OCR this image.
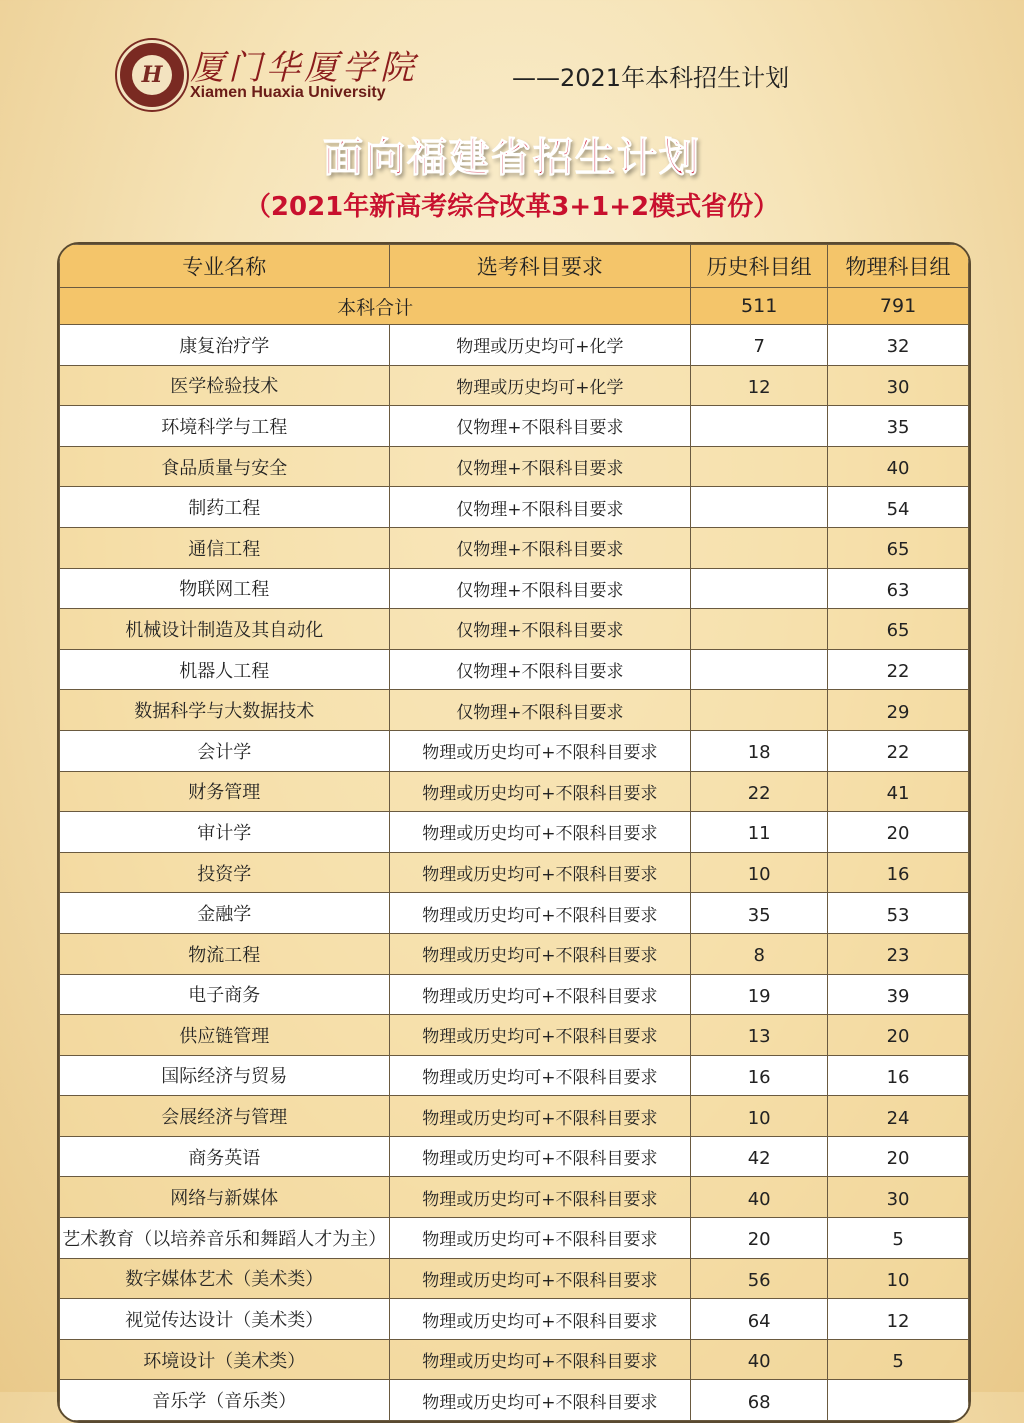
H 厦门华厦学院
Xiamen Huaxia University
——2021年本科招生计划
面向福建省招生计划
（2021年新高考综合改革3+1+2模式省份）
专业名称	选考科目要求	历史科目组	物理科目组
本科合计		511	791
康复治疗学	物理或历史均可+化学	7	32
医学检验技术	物理或历史均可+化学	12	30
环境科学与工程	仅物理+不限科目要求		35
食品质量与安全	仅物理+不限科目要求		40
制药工程	仅物理+不限科目要求		54
通信工程	仅物理+不限科目要求		65
物联网工程	仅物理+不限科目要求		63
机械设计制造及其自动化	仅物理+不限科目要求		65
机器人工程	仅物理+不限科目要求		22
数据科学与大数据技术	仅物理+不限科目要求		29
会计学	物理或历史均可+不限科目要求	18	22
财务管理	物理或历史均可+不限科目要求	22	41
审计学	物理或历史均可+不限科目要求	11	20
投资学	物理或历史均可+不限科目要求	10	16
金融学	物理或历史均可+不限科目要求	35	53
物流工程	物理或历史均可+不限科目要求	8	23
电子商务	物理或历史均可+不限科目要求	19	39
供应链管理	物理或历史均可+不限科目要求	13	20
国际经济与贸易	物理或历史均可+不限科目要求	16	16
会展经济与管理	物理或历史均可+不限科目要求	10	24
商务英语	物理或历史均可+不限科目要求	42	20
网络与新媒体	物理或历史均可+不限科目要求	40	30
艺术教育（以培养音乐和舞蹈人才为主）	物理或历史均可+不限科目要求	20	5
数字媒体艺术（美术类）	物理或历史均可+不限科目要求	56	10
视觉传达设计（美术类）	物理或历史均可+不限科目要求	64	12
环境设计（美术类）	物理或历史均可+不限科目要求	40	5
音乐学（音乐类）	物理或历史均可+不限科目要求	68	
